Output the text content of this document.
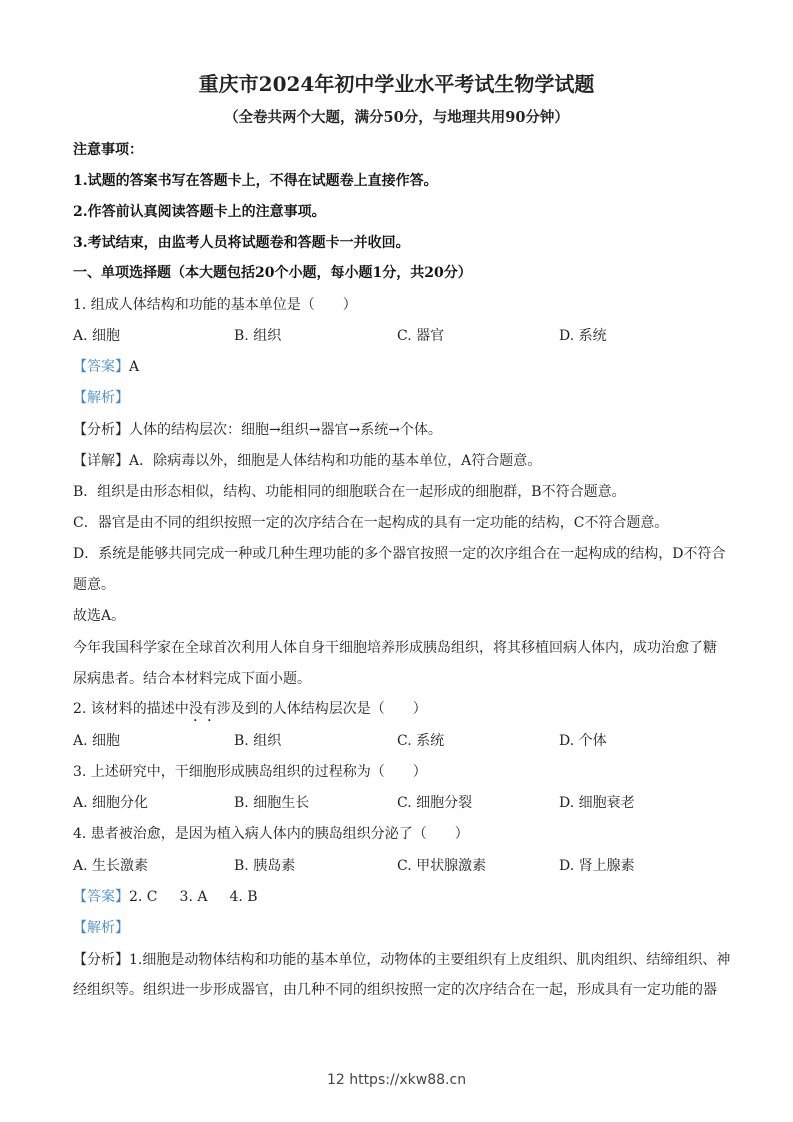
重庆市2024年初中学业水平考试生物学试题
（全卷共两个大题，满分50分，与地理共用90分钟）
注意事项：
1.试题的答案书写在答题卡上，不得在试题卷上直接作答。
2.作答前认真阅读答题卡上的注意事项。
3.考试结束，由监考人员将试题卷和答题卡一并收回。
一、单项选择题（本大题包括20个小题，每小题1分，共20分）
1. 组成人体结构和功能的基本单位是（　　）
A. 细胞	B. 组织	C. 器官	D. 系统
【答案】A
【解析】
【分析】人体的结构层次：细胞→组织→器官→系统→个体。
【详解】A．除病毒以外，细胞是人体结构和功能的基本单位，A符合题意。
B．组织是由形态相似，结构、功能相同的细胞联合在一起形成的细胞群，B不符合题意。
C．器官是由不同的组织按照一定的次序结合在一起构成的具有一定功能的结构，C不符合题意。
D．系统是能够共同完成一种或几种生理功能的多个器官按照一定的次序组合在一起构成的结构，D不符合
题意。
故选A。
今年我国科学家在全球首次利用人体自身干细胞培养形成胰岛组织，将其移植回病人体内，成功治愈了糖
尿病患者。结合本材料完成下面小题。
2. 该材料的描述中没有涉及到的人体结构层次是（　　）
A. 细胞	B. 组织	C. 系统	D. 个体
3. 上述研究中，干细胞形成胰岛组织的过程称为（　　）
A. 细胞分化	B. 细胞生长	C. 细胞分裂	D. 细胞衰老
4. 患者被治愈，是因为植入病人体内的胰岛组织分泌了（　　）
A. 生长激素	B. 胰岛素	C. 甲状腺激素	D. 肾上腺素
【答案】2. C 3. A 4. B
【解析】
【分析】1.细胞是动物体结构和功能的基本单位，动物体的主要组织有上皮组织、肌肉组织、结缔组织、神
经组织等。组织进一步形成器官，由几种不同的组织按照一定的次序结合在一起，形成具有一定功能的器
12 https://xkw88.cn
